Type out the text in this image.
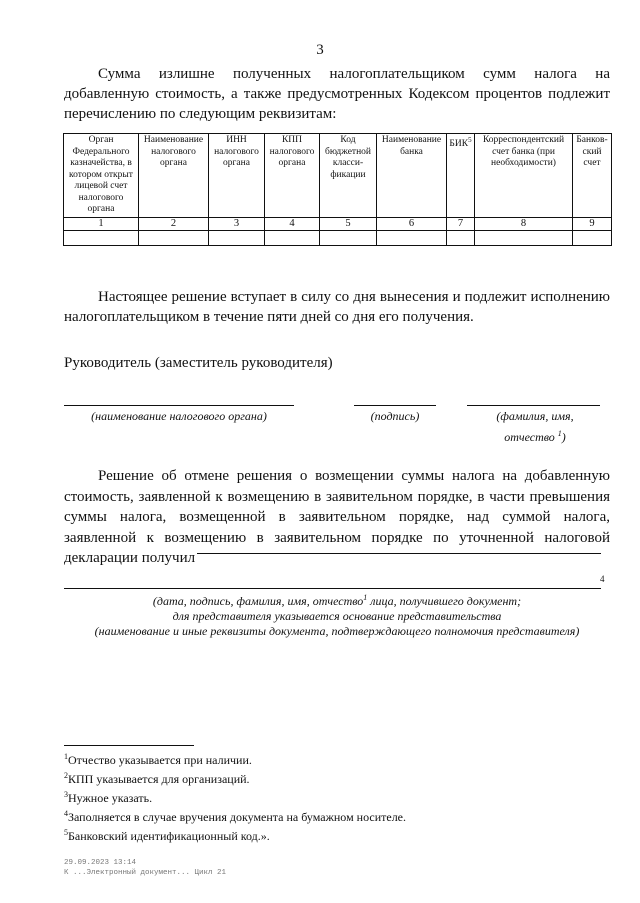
3
Сумма излишне полученных налогоплательщиком сумм налога на добавленную стоимость, а также предусмотренных Кодексом процентов подлежит перечислению по следующим реквизитам:
Орган Федерального казначейства, в котором открыт лицевой счет налогового органа	Наименование налогового органа	ИНН налогового органа	КПП налогового органа	Код бюджетной класси- фикации	Наименование банка	БИК$^5$	Корреспондентский счет банка (при необходимости)	Банков- ский счет
1	2	3	4	5	6	7	8	9

Настоящее решение вступает в силу со дня вынесения и подлежит исполнению налогоплательщиком в течение пяти дней со дня его получения.
Руководитель (заместитель руководителя)
(наименование налогового органа)	(подпись)	(фамилия, имя,
отчество $^1$)
Решение об отмене решения о возмещении суммы налога на добавленную стоимость, заявленной к возмещению в заявительном порядке, в части превышения суммы налога, возмещенной в заявительном порядке, над суммой налога, заявленной к возмещению в заявительном порядке по уточненной налоговой декларации получил
4
(дата, подпись, фамилия, имя, отчество$^1$ лица, получившего документ;
для представителя указывается основание представительства
(наименование и иные реквизиты документа, подтверждающего полномочия представителя)
$^1$Отчество указывается при наличии.
$^2$КПП указывается для организаций.
$^3$Нужное указать.
$^4$Заполняется в случае вручения документа на бумажном носителе.
$^5$Банковский идентификационный код.».
29.09.2023 13:14
К ...Электронный документ... Цикл 21
